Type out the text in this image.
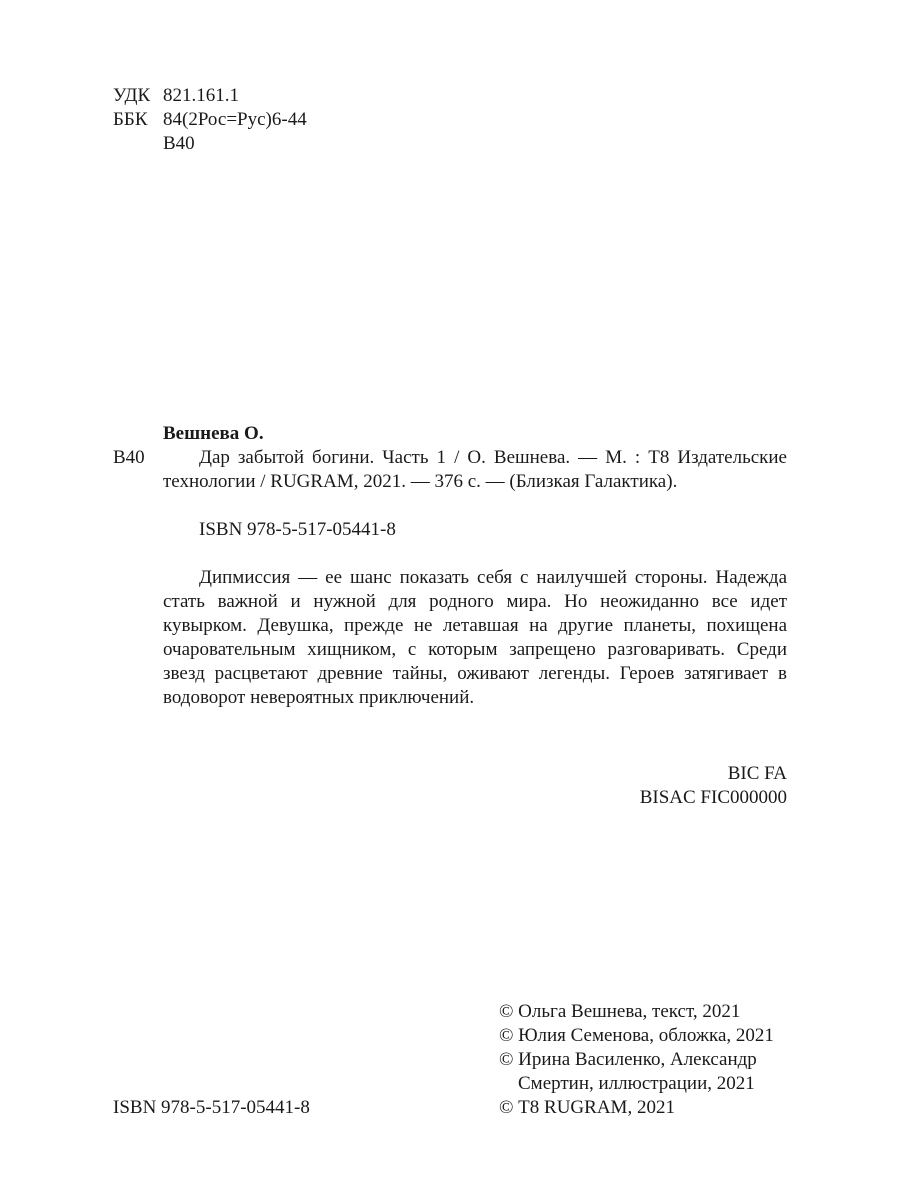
УДК 821.161.1
ББК 84(2Рос=Рус)6-44
В40
Вешнева О.
В40	Дар забытой богини. Часть 1 / О. Вешнева. — М. : Т8 Издательские технологии / RUGRAM, 2021. — 376 с. — (Близкая Галактика).

ISBN 978-5-517-05441-8

Дипмиссия — ее шанс показать себя с наилучшей стороны. Надежда стать важной и нужной для родного мира. Но неожиданно все идет кувырком. Девушка, прежде не летавшая на другие планеты, похищена очаровательным хищником, с которым запрещено разговаривать. Среди звезд расцветают древние тайны, оживают легенды. Героев затягивает в водоворот невероятных приключений.

BIC FA
BISAC FIC000000
© Ольга Вешнева, текст, 2021
© Юлия Семенова, обложка, 2021
© Ирина Василенко, Александр
Смертин, иллюстрации, 2021
© Т8 RUGRAM, 2021
ISBN 978-5-517-05441-8
